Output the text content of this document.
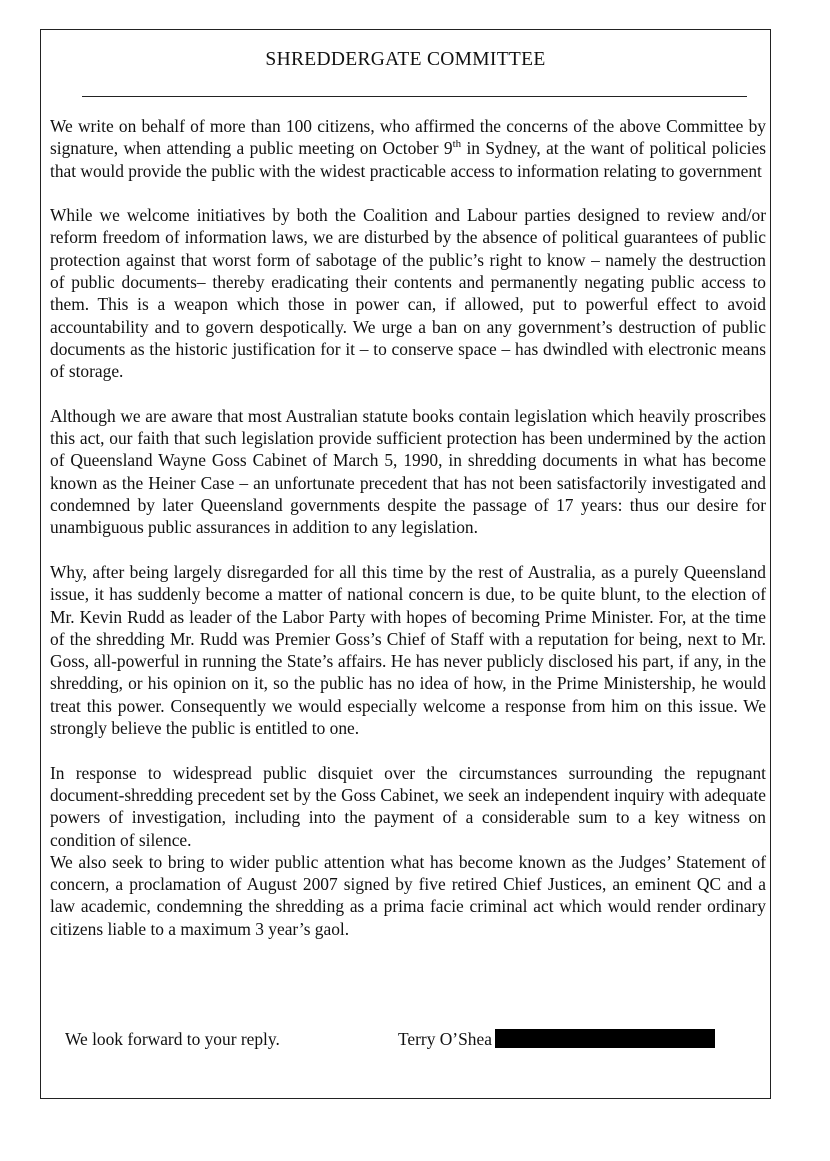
SHREDDERGATE COMMITTEE

We write on behalf of more than 100 citizens, who affirmed the concerns of the above Committee by signature, when attending a public meeting on October 9th in Sydney, at the want of political policies that would provide the public with the widest practicable access to information relating to government

While we welcome initiatives by both the Coalition and Labour parties designed to review and/or reform freedom of information laws, we are disturbed by the absence of political guarantees of public protection against that worst form of sabotage of the public’s right to know – namely the destruction of public documents– thereby eradicating their contents and permanently negating public access to them. This is a weapon which those in power can, if allowed, put to powerful effect to avoid accountability and to govern despotically. We urge a ban on any government’s destruction of public documents as the historic justification for it – to conserve space – has dwindled with electronic means of storage.

Although we are aware that most Australian statute books contain legislation which heavily proscribes this act, our faith that such legislation provide sufficient protection has been undermined by the action of Queensland Wayne Goss Cabinet of March 5, 1990, in shredding documents in what has become known as the Heiner Case – an unfortunate precedent that has not been satisfactorily investigated and condemned by later Queensland governments despite the passage of 17 years: thus our desire for unambiguous public assurances in addition to any legislation.

Why, after being largely disregarded for all this time by the rest of Australia, as a purely Queensland issue, it has suddenly become a matter of national concern is due, to be quite blunt, to the election of Mr. Kevin Rudd as leader of the Labor Party with hopes of becoming Prime Minister. For, at the time of the shredding Mr. Rudd was Premier Goss’s Chief of Staff with a reputation for being, next to Mr. Goss, all-powerful in running the State’s affairs. He has never publicly disclosed his part, if any, in the shredding, or his opinion on it, so the public has no idea of how, in the Prime Ministership, he would treat this power. Consequently we would especially welcome a response from him on this issue. We strongly believe the public is entitled to one.

In response to widespread public disquiet over the circumstances surrounding the repugnant document-shredding precedent set by the Goss Cabinet, we seek an independent inquiry with adequate powers of investigation, including into the payment of a considerable sum to a key witness on condition of silence.

We also seek to bring to wider public attention what has become known as the Judges’ Statement of concern, a proclamation of August 2007 signed by five retired Chief Justices, an eminent QC and a law academic, condemning the shredding as a prima facie criminal act which would render ordinary citizens liable to a maximum 3 year’s gaol.

We look forward to your reply.	Terry O’Shea
